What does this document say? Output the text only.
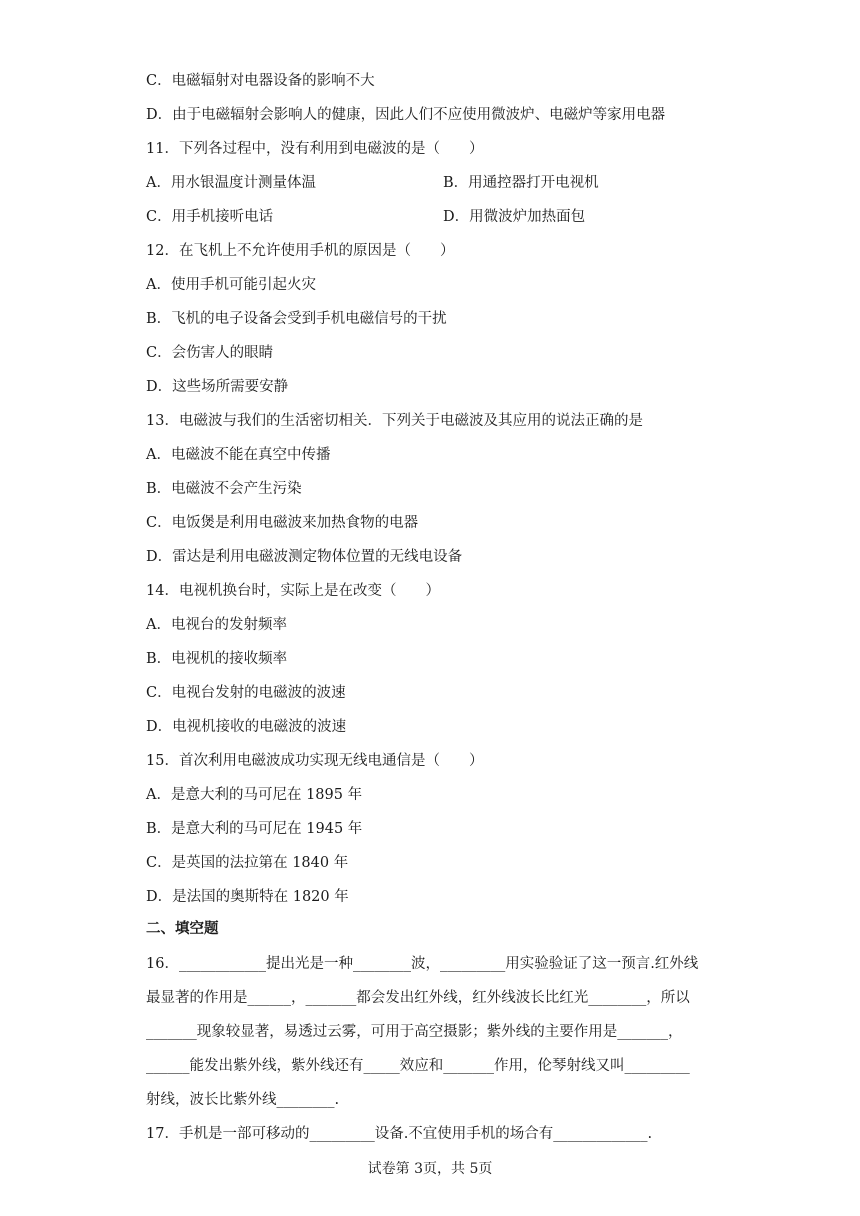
C．电磁辐射对电器设备的影响不大
D．由于电磁辐射会影响人的健康，因此人们不应使用微波炉、电磁炉等家用电器
11．下列各过程中，没有利用到电磁波的是（　　）
A．用水银温度计测量体温	B．用通控器打开电视机
C．用手机接听电话	D．用微波炉加热面包
12．在飞机上不允许使用手机的原因是（　　）
A．使用手机可能引起火灾
B．飞机的电子设备会受到手机电磁信号的干扰
C．会伤害人的眼睛
D．这些场所需要安静
13．电磁波与我们的生活密切相关．下列关于电磁波及其应用的说法正确的是
A．电磁波不能在真空中传播
B．电磁波不会产生污染
C．电饭煲是利用电磁波来加热食物的电器
D．雷达是利用电磁波测定物体位置的无线电设备
14．电视机换台时，实际上是在改变（　　）
A．电视台的发射频率
B．电视机的接收频率
C．电视台发射的电磁波的波速
D．电视机接收的电磁波的波速
15．首次利用电磁波成功实现无线电通信是（　　）
A．是意大利的马可尼在 1895 年
B．是意大利的马可尼在 1945 年
C．是英国的法拉第在 1840 年
D．是法国的奥斯特在 1820 年
二、填空题
16．____________提出光是一种________波，_________用实验验证了这一预言.红外线
最显著的作用是______，_______都会发出红外线，红外线波长比红光________，所以
_______现象较显著，易透过云雾，可用于高空摄影；紫外线的主要作用是_______，
______能发出紫外线，紫外线还有_____效应和_______作用，伦琴射线又叫_________
射线，波长比紫外线________.
17．手机是一部可移动的_________设备.不宜使用手机的场合有_____________.
试卷第 3页，共 5页
